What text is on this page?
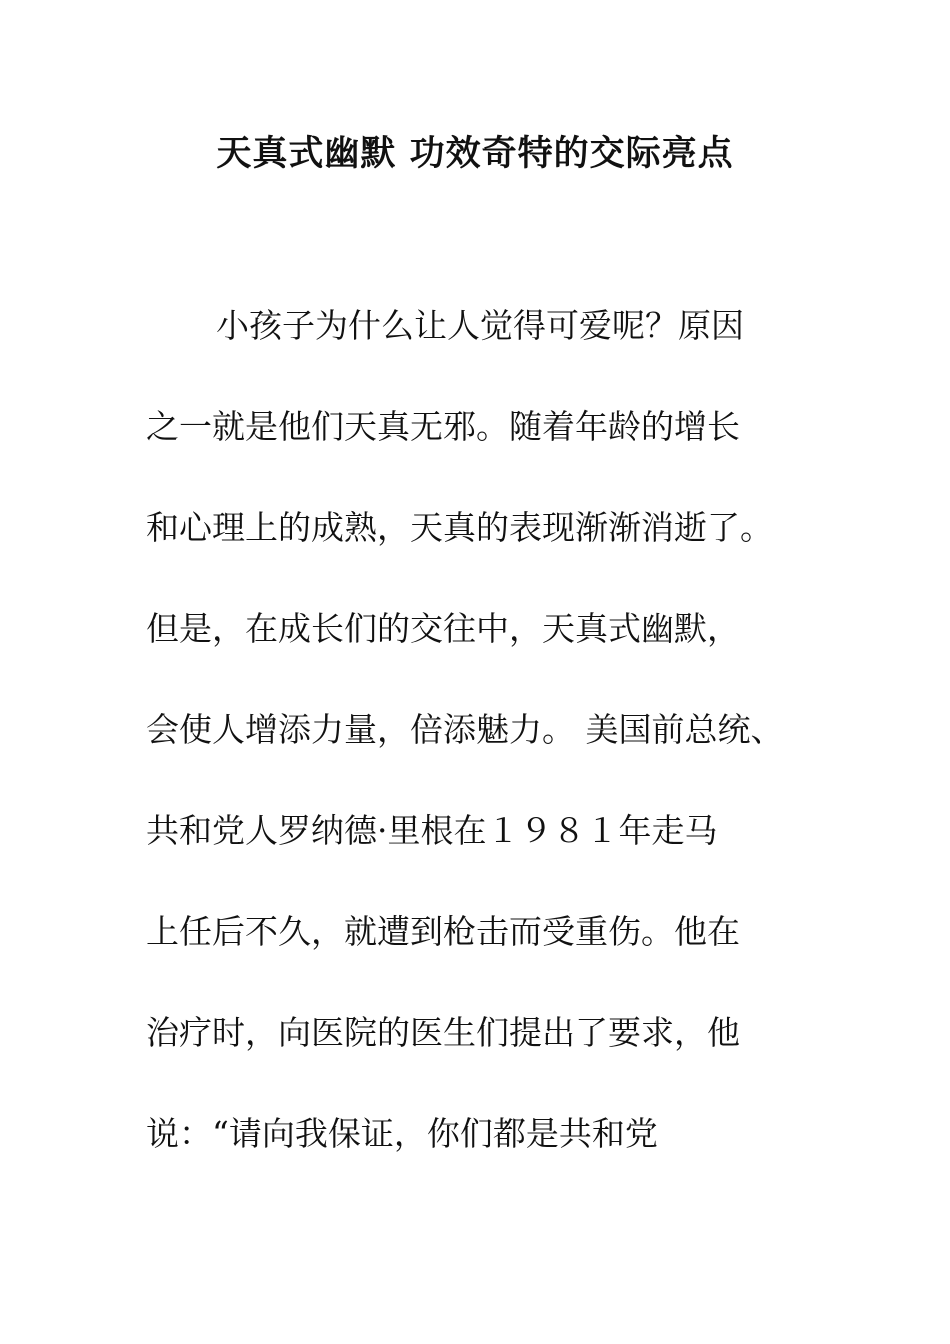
天真式幽默 功效奇特的交际亮点
小孩子为什么让人觉得可爱呢？原因
之一就是他们天真无邪。随着年龄的增长
和心理上的成熟，天真的表现渐渐消逝了。
但是，在成长们的交往中，天真式幽默，
会使人增添力量，倍添魅力。 美国前总统、
共和党人罗纳德·里根在１９８１年走马
上任后不久，就遭到枪击而受重伤。他在
治疗时，向医院的医生们提出了要求，他
说：“请向我保证，你们都是共和党
